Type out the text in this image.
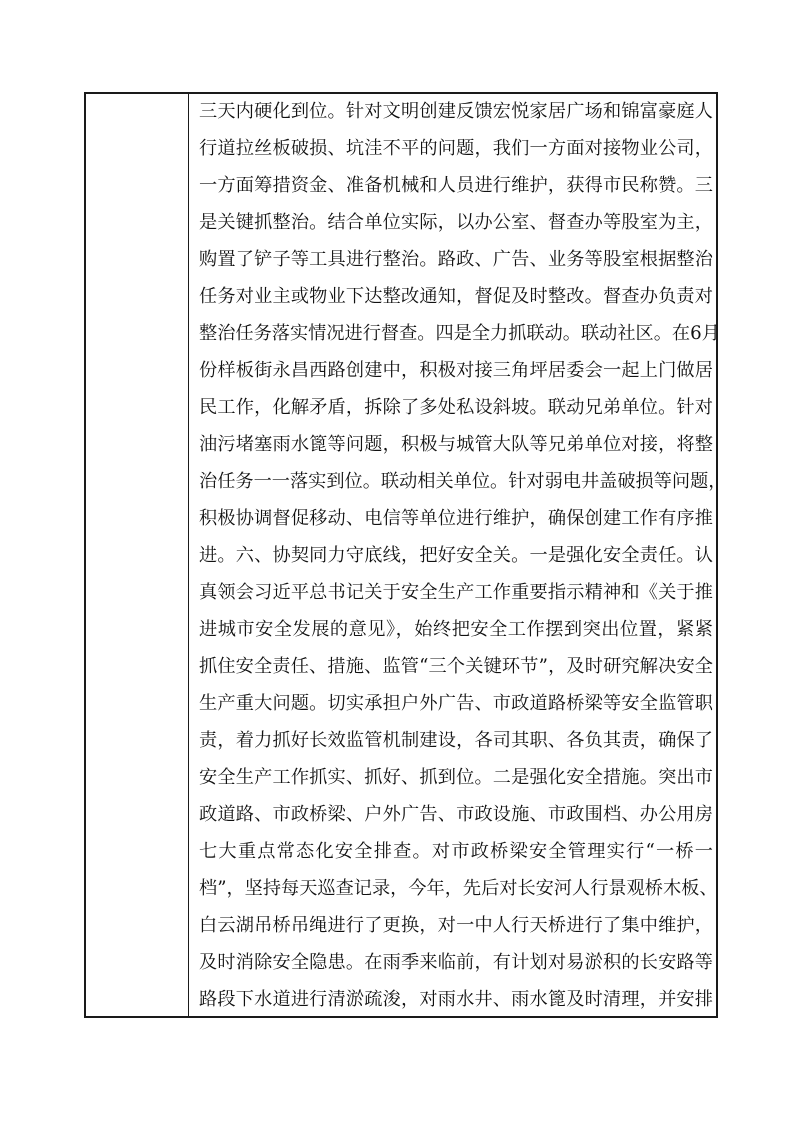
三天内硬化到位。针对文明创建反馈宏悦家居广场和锦富豪庭人
行道拉丝板破损、坑洼不平的问题，我们一方面对接物业公司，
一方面筹措资金、准备机械和人员进行维护，获得市民称赞。三
是关键抓整治。结合单位实际，以办公室、督查办等股室为主，
购置了铲子等工具进行整治。路政、广告、业务等股室根据整治
任务对业主或物业下达整改通知，督促及时整改。督查办负责对
整治任务落实情况进行督查。四是全力抓联动。联动社区。在6月
份样板街永昌西路创建中，积极对接三角坪居委会一起上门做居
民工作，化解矛盾，拆除了多处私设斜坡。联动兄弟单位。针对
油污堵塞雨水篦等问题，积极与城管大队等兄弟单位对接，将整
治任务一一落实到位。联动相关单位。针对弱电井盖破损等问题，
积极协调督促移动、电信等单位进行维护，确保创建工作有序推
进。六、协契同力守底线，把好安全关。一是强化安全责任。认
真领会习近平总书记关于安全生产工作重要指示精神和《关于推
进城市安全发展的意见》，始终把安全工作摆到突出位置，紧紧
抓住安全责任、措施、监管“三个关键环节”，及时研究解决安全
生产重大问题。切实承担户外广告、市政道路桥梁等安全监管职
责，着力抓好长效监管机制建设，各司其职、各负其责，确保了
安全生产工作抓实、抓好、抓到位。二是强化安全措施。突出市
政道路、市政桥梁、户外广告、市政设施、市政围档、办公用房
七大重点常态化安全排查。对市政桥梁安全管理实行“一桥一
档”，坚持每天巡查记录，今年，先后对长安河人行景观桥木板、
白云湖吊桥吊绳进行了更换，对一中人行天桥进行了集中维护，
及时消除安全隐患。在雨季来临前，有计划对易淤积的长安路等
路段下水道进行清淤疏浚，对雨水井、雨水篦及时清理，并安排
